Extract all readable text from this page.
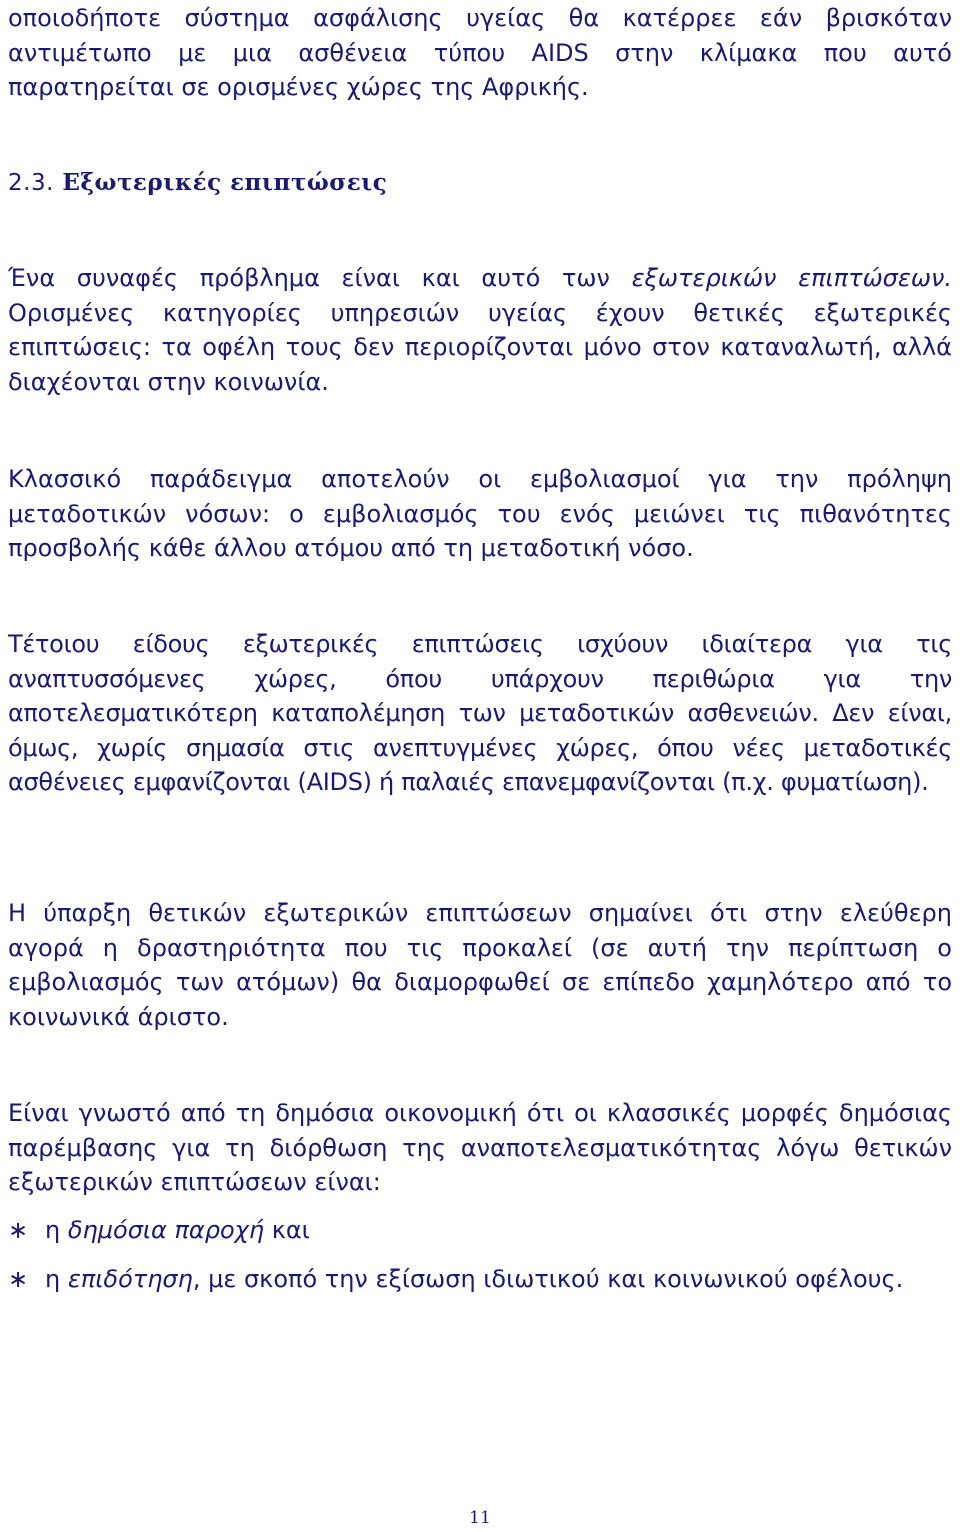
οποιοδήποτε σύστημα ασφάλισης υγείας θα κατέρρεε εάν βρισκόταν αντιμέτωπο με μια ασθένεια τύπου AIDS στην κλίμακα που αυτό παρατηρείται σε ορισμένες χώρες της Αφρικής.

2.3. Εξωτερικές επιπτώσεις

Ένα συναφές πρόβλημα είναι και αυτό των εξωτερικών επιπτώσεων. Ορισμένες κατηγορίες υπηρεσιών υγείας έχουν θετικές εξωτερικές επιπτώσεις: τα οφέλη τους δεν περιορίζονται μόνο στον καταναλωτή, αλλά διαχέονται στην κοινωνία.

Κλασσικό παράδειγμα αποτελούν οι εμβολιασμοί για την πρόληψη μεταδοτικών νόσων: ο εμβολιασμός του ενός μειώνει τις πιθανότητες προσβολής κάθε άλλου ατόμου από τη μεταδοτική νόσο.

Τέτοιου είδους εξωτερικές επιπτώσεις ισχύουν ιδιαίτερα για τις αναπτυσσόμενες χώρες, όπου υπάρχουν περιθώρια για την αποτελεσματικότερη καταπολέμηση των μεταδοτικών ασθενειών. Δεν είναι, όμως, χωρίς σημασία στις ανεπτυγμένες χώρες, όπου νέες μεταδοτικές ασθένειες εμφανίζονται (AIDS) ή παλαιές επανεμφανίζονται (π.χ. φυματίωση).

Η ύπαρξη θετικών εξωτερικών επιπτώσεων σημαίνει ότι στην ελεύθερη αγορά η δραστηριότητα που τις προκαλεί (σε αυτή την περίπτωση ο εμβολιασμός των ατόμων) θα διαμορφωθεί σε επίπεδο χαμηλότερο από το κοινωνικά άριστο.

Είναι γνωστό από τη δημόσια οικονομική ότι οι κλασσικές μορφές δημόσιας παρέμβασης για τη διόρθωση της αναποτελεσματικότητας λόγω θετικών εξωτερικών επιπτώσεων είναι:

∗ η δημόσια παροχή και
∗ η επιδότηση, με σκοπό την εξίσωση ιδιωτικού και κοινωνικού οφέλους.
11
